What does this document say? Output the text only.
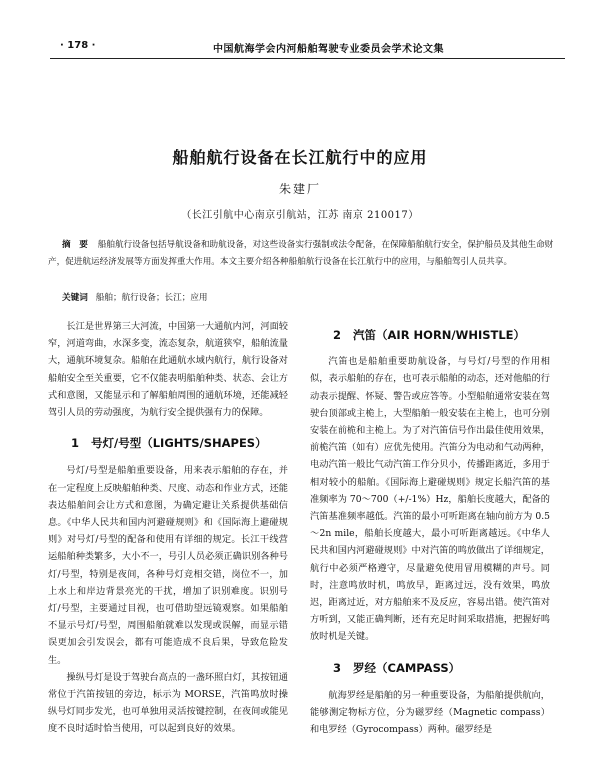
· 178 ·	中国航海学会内河船舶驾驶专业委员会学术论文集
船舶航行设备在长江航行中的应用
朱建厂
（长江引航中心南京引航站，江苏 南京 210017）
摘　要 船舶航行设备包括导航设备和助航设备，对这些设备实行强制或法令配备，在保障船舶航行安全，保护船员及其他生命财产，促进航运经济发展等方面发挥重大作用。本文主要介绍各种船舶航行设备在长江航行中的应用，与船舶驾引人员共享。
关键词 船舶；航行设备；长江；应用

长江是世界第三大河流，中国第一大通航内河，河面较窄，河道弯曲，水深多变，流态复杂，航道狭窄，船舶流量大，通航环境复杂。船舶在此通航水域内航行，航行设备对船舶安全至关重要，它不仅能表明船舶种类、状态、会让方式和意图，又能显示和了解船舶周围的通航环境，还能减轻驾引人员的劳动强度，为航行安全提供强有力的保障。

1 号灯/号型（LIGHTS/SHAPES）

号灯/号型是船舶重要设备，用来表示船舶的存在，并在一定程度上反映船舶种类、尺度、动态和作业方式，还能表达船舶间会让方式和意图，为确定避让关系提供基础信息。《中华人民共和国内河避碰规则》和《国际海上避碰规则》对号灯/号型的配备和使用有详细的规定。长江干线营运船舶种类繁多，大小不一，号引人员必须正确识别各种号灯/号型，特别是夜间，各种号灯竞相交错，岗位不一，加上水上和岸边背景亮光的干扰，增加了识别难度。识别号灯/号型，主要通过目视，也可借助望远镜观察。如果船舶不显示号灯/号型，周围船舶就难以发现或误解，而显示错误更加会引发误会，都有可能造成不良后果，导致危险发生。

操纵号灯是设于驾驶台高点的一盏环照白灯，其按钮通常位于汽笛按钮的旁边，标示为 MORSE，汽笛鸣放时操纵号灯同步发光，也可单独用灵活按键控制，在夜间或能见度不良时适时恰当使用，可以起到良好的效果。

2 汽笛（AIR HORN/WHISTLE）

汽笛也是船舶重要助航设备，与号灯/号型的作用相似，表示船舶的存在，也可表示船舶的动态，还对他船的行动表示提醒、怀疑、警告或应答等。小型船舶通常安装在驾驶台顶部或主桅上，大型船舶一般安装在主桅上，也可分别安装在前桅和主桅上。为了对汽笛信号作出最佳使用效果，前桅汽笛（如有）应优先使用。汽笛分为电动和气动两种，电动汽笛一般比气动汽笛工作分贝小，传播距离近，多用于相对较小的船舶。《国际海上避碰规则》规定长船汽笛的基准频率为 70～700（+/-1%）Hz，船舶长度越大，配备的汽笛基准频率越低。汽笛的最小可听距离在轴向前方为 0.5～2n mile，船舶长度越大，最小可听距离越远。《中华人民共和国内河避碰规则》中对汽笛的鸣放做出了详细规定，航行中必须严格遵守，尽量避免使用冒用模糊的声号。同时，注意鸣放时机，鸣放早，距离过远，没有效果，鸣放迟，距离过近，对方船舶来不及反应，容易出错。使汽笛对方听到，又能正确判断，还有充足时间采取措施，把握好鸣放时机是关键。

3 罗经（CAMPASS）

航海罗经是船舶的另一种重要设备，为船舶提供航向，能够测定物标方位，分为磁罗经（Magnetic compass）和电罗经（Gyrocompass）两种。磁罗经是
